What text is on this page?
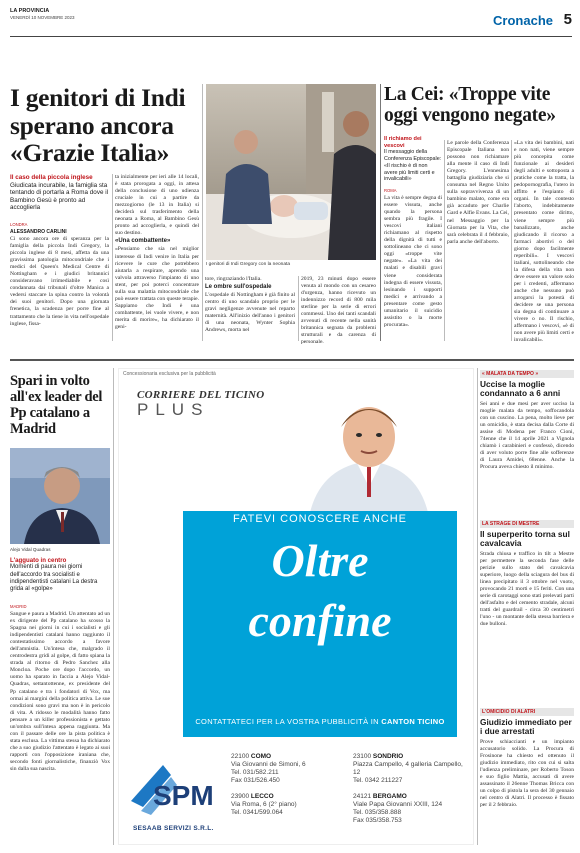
LA PROVINCIA
VENERDÌ 10 NOVEMBRE 2023	Cronache 5
I genitori di Indi sperano ancora «Grazie Italia»
Il caso della piccola inglese
Giudicata incurabile, la famiglia sta tentando di portarla a Roma dove il Bambino Gesù è pronto ad accoglierla
LONDRA
ALESSANDRO CARLINI
Ci sono ancora ore di speranza per la famiglia della piccola Indi Gregory, la piccola inglese di 8 mesi, affetta da una gravissima patologia mitocondriale che i medici del Queen's Medical Centre di Nottingham e i giudici britannici consideravano irrimediabile e così condannata dai tribunali d'oltre Manica a vedersi staccare la spina contro la volontà dei suoi genitori. Dopo una giornata frenetica, la scadenza per porre fine al trattamento che la tiene in vita nell'ospedale inglese, fissa-

ta inizialmente per ieri alle 14 locali, è stata prorogata a oggi, in attesa della conclusione di uno udienza cruciale in cui a partire da mezzogiorno (le 13 in Italia) si deciderà sul trasferimento della neonata a Roma, al Bambino Gesù pronto ad accoglierla, e quindi del suo destino.

«Una combattente»

«Pensiamo che sia nel miglior interesse di Indi venire in Italia per ricevere le cure che potrebbero aiutarla a respirare, aprendo una valvola attraverso l'impianto di uno stent, per poi poterci concentrare sulla sua malattia mitocondriale che può essere trattata con queste terapie. Sappiamo che Indi è una combattente, lei vuole vivere, e non merita di morire», ha dichiarato il geni-

tore, ringraziando l'Italia.

Le ombre sull'ospedale

L'ospedale di Nottingham è già finito al centro di uno scandalo proprio per le gravi negligenze avvenute nel reparto maternità. All'inizio dell'anno i genitori di una neonata, Wynter Sophia Andrews, morta nel

2019, 23 minuti dopo essere venuta al mondo con un cesareo d'urgenza, hanno ricevuto un indennizzo record di 800 mila sterline per la serie di errori commessi. Uno dei tanti scandali avvenuti di recente nella sanità britannica segnata da problemi strutturali e da carenza di personale.
I genitori di Indi Gregory con la neonata
La Cei: «Troppe vite oggi vengono negate»
Il richiamo dei vescovi
Il messaggio della Conferenza Episcopale: «Il rischio è di non avere più limiti certi e invalicabili»
ROMA
La vita è sempre degna di essere vissuta, anche quando la persona sembra più fragile. I vescovi italiani richiamano al rispetto della dignità di tutti e sottolineano che ci sono oggi «troppe vite negate». «La vita dei malati e disabili gravi viene considerata indegna di essere vissuta, lesinando i supporti medici e arrivando a presentare come gesto umanitario il suicidio assistito o la morte procurata».
Le parole della Conferenza Episcopale Italiana non possono non richiamare alla mente il caso di Indi Gregory. L'ennesima battaglia giudiziaria che si consuma nel Regno Unito sulla sopravvivenza di un bambino malato, come era già accaduto per Charlie Gard e Alfie Evans. La Cei, nel Messaggio per la Giornata per la Vita, che sarà celebrata il 4 febbraio, parla anche dell'aborto.
«La vita dei bambini, nati e non nati, viene sempre più concepita come funzionale ai desideri degli adulti e sottoposta a pratiche come la tratta, la pedopornografia, l'utero in affitto e l'espianto di organi. In tale contesto l'aborto, indebitamente presentato come diritto, viene sempre più banalizzato, anche giudicando il ricorso a farmaci abortivi o del giorno dopo facilmente reperibili». I vescovi italiani, sottolineando che la difesa della vita non deve essere un valore solo per i credenti, affermano anche che nessuno può arrogarsi la potestà di decidere se una persona sia degna di continuare a vivere o no. Il rischio, affermano i vescovi, «è di non avere più limiti certi e invalicabili».
Spari in volto all'ex leader del Pp catalano a Madrid
Alejo Vidal Quadras
L'agguato in centro
Momenti di paura nei giorni dell'accordo tra socialisti e indipendentisti catalani La destra grida al «golpe»
MADRID
Sangue e paura a Madrid. Un attentato ad un ex dirigente del Pp catalano ha scosso la Spagna nei giorni in cui i socialisti e gli indipendentisti catalani hanno raggiunto il contestatissimo accordo a favore dell'amnistia. Un'intesa che, malgrado il centrodestra gridi al golpe, di fatto spiana la strada al ritorno di Pedro Sanchez alla Moncloa. Poche ore dopo l'accordo, un uomo ha sparato in faccia a Alejo Vidal-Quadras, settantottenne, ex presidente del Pp catalano e tra i fondatori di Vox, ma ormai ai margini della politica attiva. Le sue condizioni sono gravi ma non è in pericolo di vita. A ridosso le modalità hanno fatto pensare a un killer professionista e gettato un'ombra sull'intesa appena raggiunta. Ma con il passare delle ore la pista politica è stata esclusa. La vittima stessa ha dichiarato che a suo giudizio l'attentato è legato ai suoi rapporti con l'opposizione iraniana che, secondo fonti giornalistiche, finanziò Vox sin dalla sua nascita.
Concessionaria esclusiva per la pubblicità
CORRIERE DEL TICINO
PLUS
FATEVI CONOSCERE ANCHE
Oltre
confine
CONTATTATECI PER LA VOSTRA PUBBLICITÀ IN CANTON TICINO
SPM
SESAAB SERVIZI S.R.L.
22100 COMO
Via Giovanni de Simoni, 6
Tel. 031/582.211
Fax 031/526.450
23100 SONDRIO
Piazza Campello, 4 galleria Campello, 12
Tel. 0342 211227
23900 LECCO
Via Roma, 6 (2° piano)
Tel. 0341/599.064
24121 BERGAMO
Viale Papa Giovanni XXIII, 124
Tel. 035/358.888
Fax 035/358.753
« MALATA DA TEMPO »
Uccise la moglie condannato a 6 anni
Sei anni e due mesi per aver ucciso la moglie malata da tempo, soffocandola con un cuscino. La pena, molto lieve per un omicidio, è stata decisa dalla Corte di assise di Modena per Franco Cioni, 74enne che il 14 aprile 2021 a Vignola chiamò i carabinieri e confessò, dicendo di aver voluto porre fine alle sofferenze di Laura Amidei, 68enne. Anche la Procura aveva chiesto il minimo.
LA STRAGE DI MESTRE
Il superperito torna sul cavalcavia
Strada chiusa e traffico in tilt a Mestre per permettere la seconda fase delle perizie sullo stato del cavalcavia superiore, luogo della sciagura del bus di linea precipitato il 3 ottobre nel vuoto, provocando 21 morti e 15 feriti. Con una serie di carotaggi sono stati prelevati parti dell'asfalto e del cemento stradale, alcuni tratti del guardrail - circa 30 centimetri l'uno - un montante della stessa barriera e due bulloni.
L'OMICIDIO DI ALATRI
Giudizio immediato per i due arrestati
Prove schiaccianti e un impianto accusatorio solido. La Procura di Frosinone ha chiesto ed ottenuto il giudizio immediato, rito con cui si salta l'udienza preliminare, per Roberto Toson e suo figlio Mattia, accusati di avere assassinato il 26enne Thomas Bricca con un colpo di pistola la sera del 30 gennaio nel centro di Alatri. Il processo è fissato per il 2 febbraio.
